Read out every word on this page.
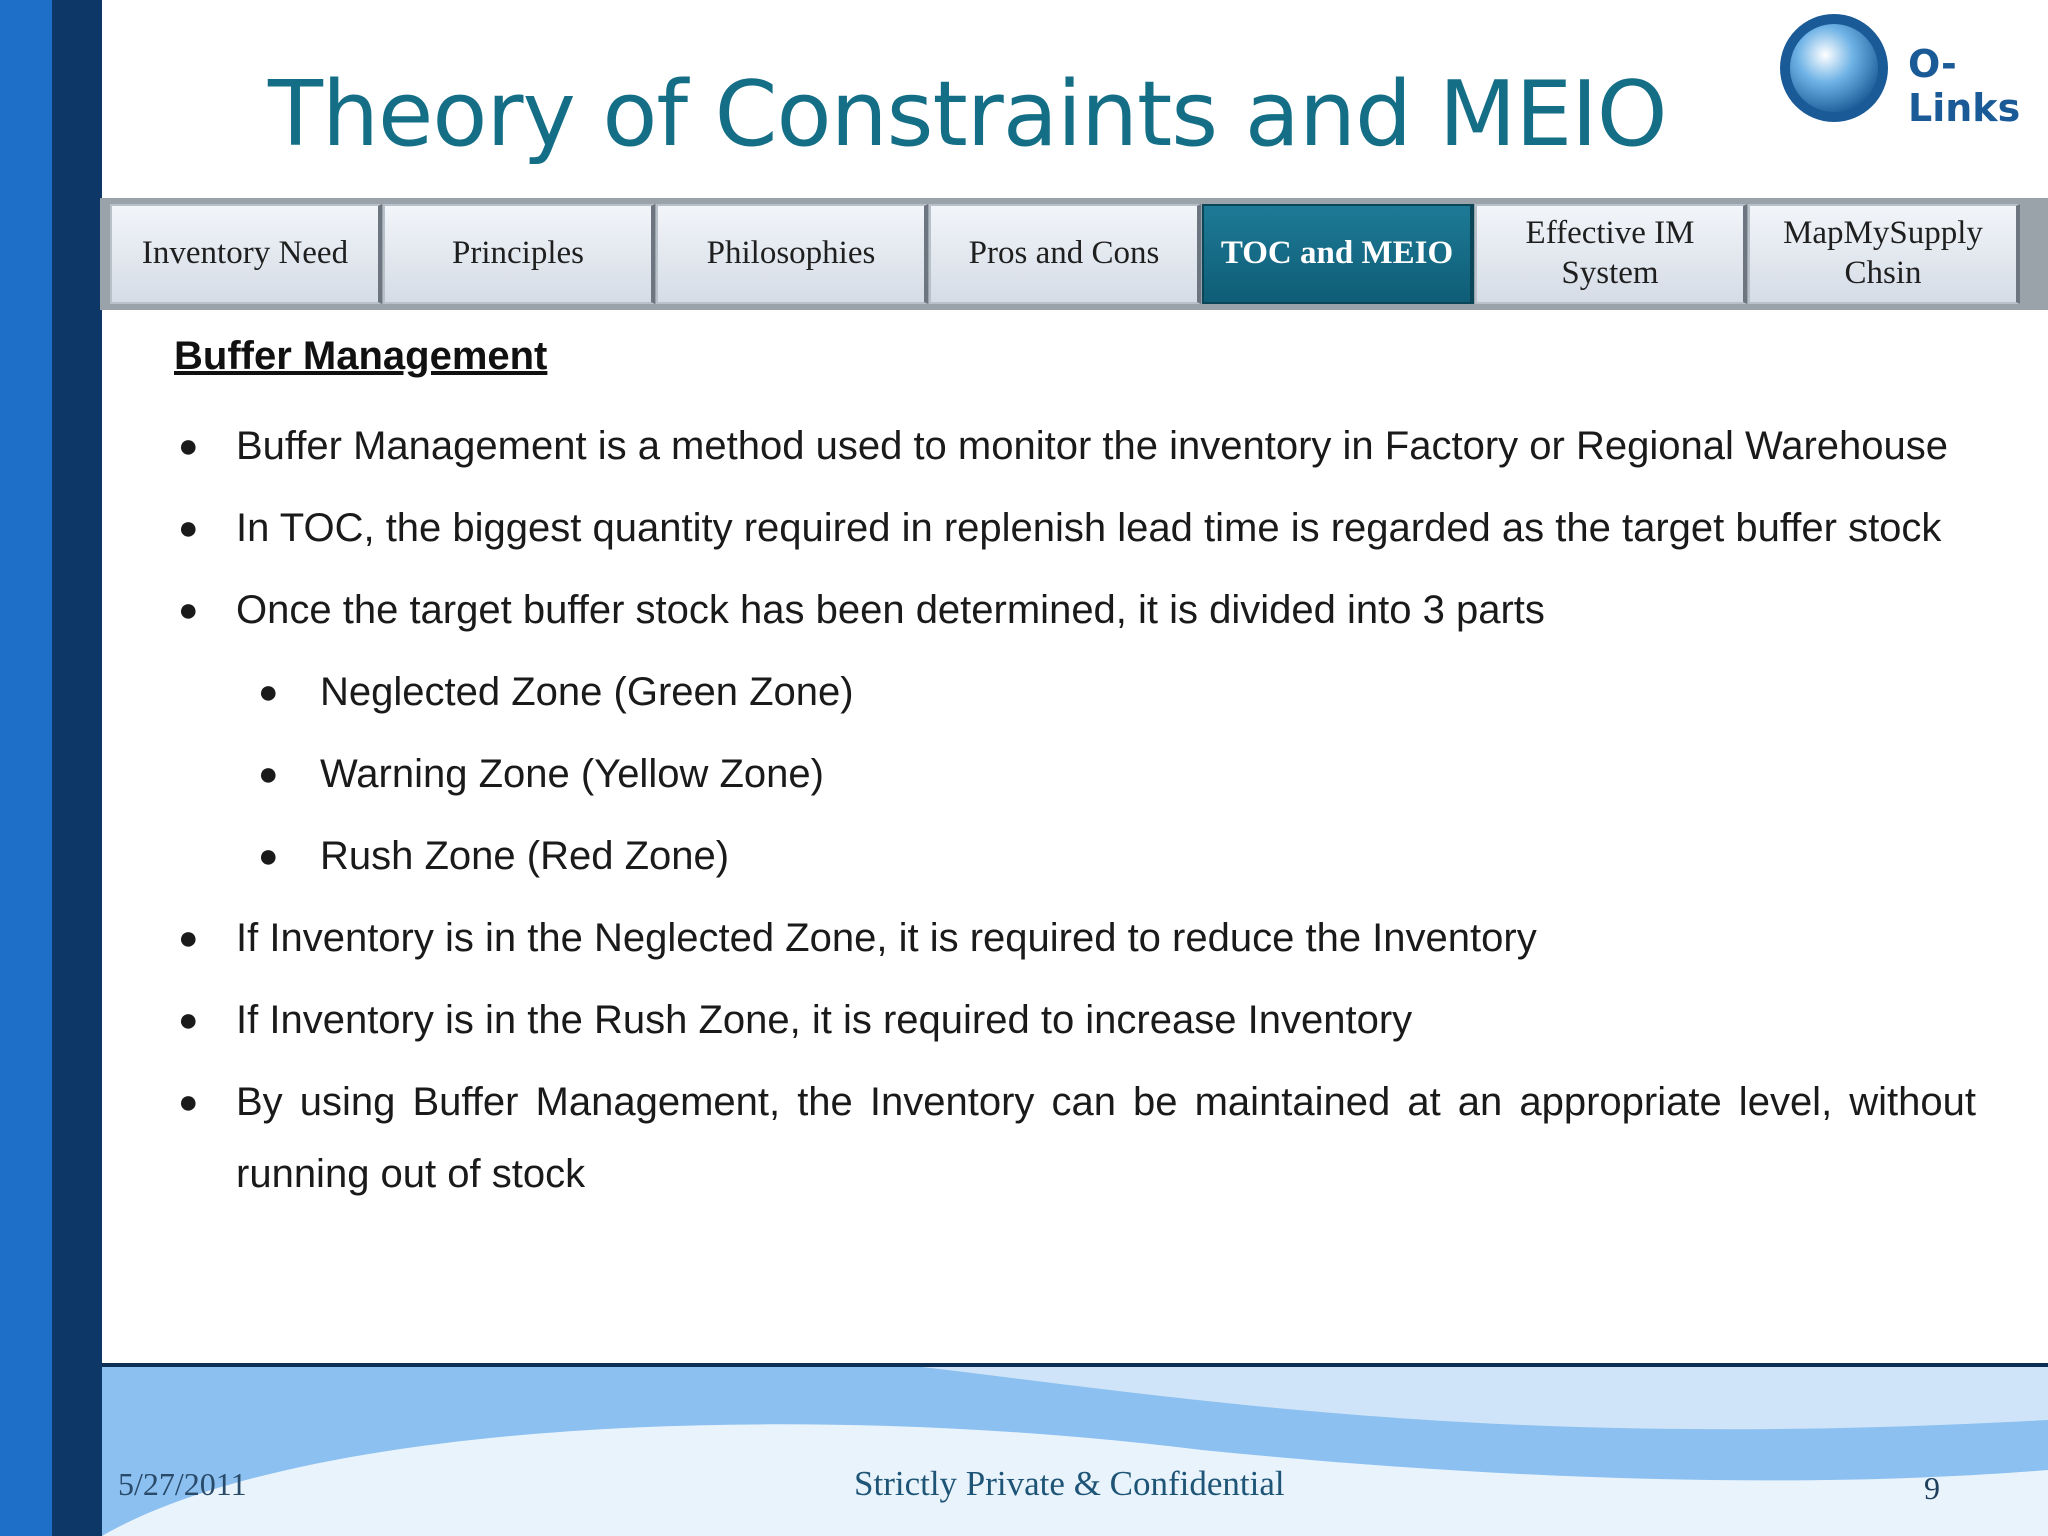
Theory of Constraints and MEIO	O-Links
Inventory Need	Principles	Philosophies	Pros and Cons	TOC and MEIO
Effective IM System
MapMySupply Chsin
Buffer Management
● Buffer Management is a method used to monitor the inventory in Factory or Regional Warehouse
● In TOC, the biggest quantity required in replenish lead time is regarded as the target buffer stock
● Once the target buffer stock has been determined, it is divided into 3 parts
● Neglected Zone (Green Zone)
● Warning Zone (Yellow Zone)
● Rush Zone (Red Zone)
● If Inventory is in the Neglected Zone, it is required to reduce the Inventory
● If Inventory is in the Rush Zone, it is required to increase Inventory
● By using Buffer Management, the Inventory can be maintained at an appropriate level, without running out of stock
5/27/2011	Strictly Private & Confidential	9
